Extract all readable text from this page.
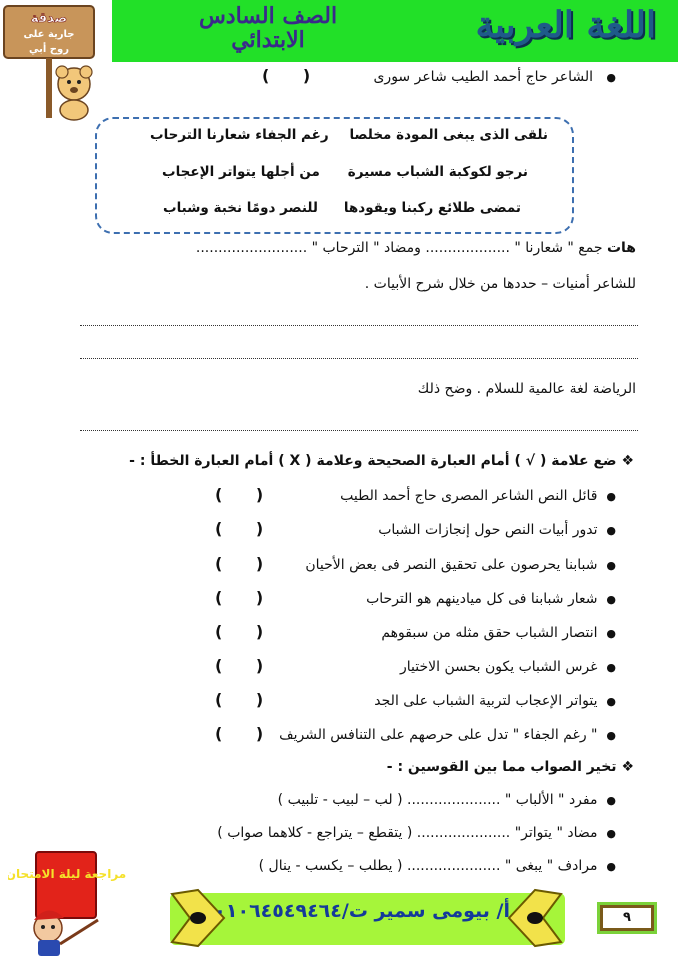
اللغة العربية
الصف السادس
الابتدائي
صدقة
جارية على
روح أبي
●   الشاعر حاج أحمد الطيب شاعر سورى
( )
نلقى الذى يبغى المودة مخلصا
رغم الجفاء شعارنا الترحاب
نرجو لكوكبة الشباب مسيرة
من أجلها يتواتر الإعجاب
تمضى طلائع ركبنا ويقودها
للنصر دومًا نخبة وشباب
هات جمع " شعارنا " ................... ومضاد " الترحاب " .........................
للشاعر أمنيات – حددها من خلال شرح الأبيات .
الرياضة لغة عالمية للسلام . وضح ذلك
❖ ضع علامة ( √ ) أمام العبارة الصحيحة وعلامة ( X ) أمام العبارة الخطأ : -
●  قائل النص الشاعر المصرى حاج أحمد الطيب
( )
●  تدور أبيات النص حول إنجازات الشباب
( )
●  شبابنا يحرصون على تحقيق النصر فى بعض الأحيان
( )
●  شعار شبابنا فى كل ميادينهم هو الترحاب
( )
●  انتصار الشباب حقق مثله من سبقوهم
( )
●  غرس الشباب يكون بحسن الاختيار
( )
●  يتواتر الإعجاب لتربية الشباب على الجد
( )
●  " رغم الجفاء " تدل على حرصهم على التنافس الشريف
( )
❖ تخير الصواب مما بين القوسين : -
●  مفرد " الألباب " ..................... ( لب – لبيب - تلبيب )
●  مضاد " يتواتر" ..................... ( يتقطع – يتراجع - كلاهما صواب )
●  مرادف " يبغى " ..................... ( يطلب – يكسب - ينال )
أ/ بيومى سمير ت/٠١٠٦٤٥٤٩٤٦٤	٩
مراجعة ليلة الامتحان
